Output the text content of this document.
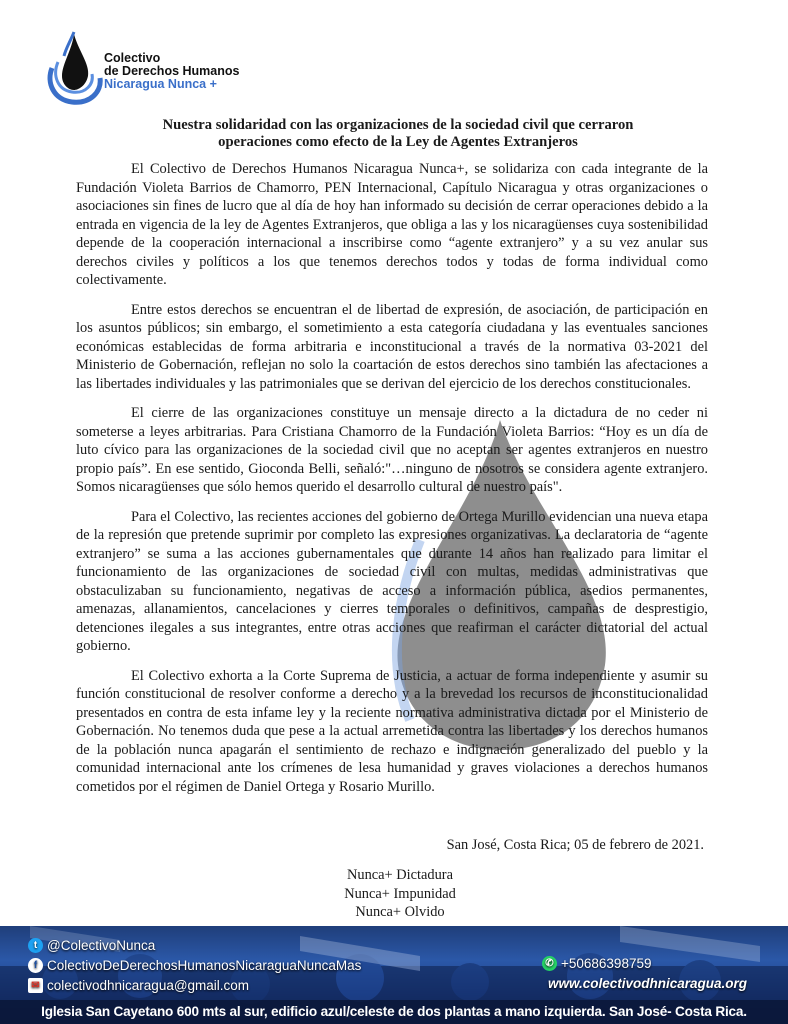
Colectivo
de Derechos Humanos
Nicaragua Nunca +
Nuestra solidaridad con las organizaciones de la sociedad civil que cerraron
operaciones como efecto de la Ley de Agentes Extranjeros

El Colectivo de Derechos Humanos Nicaragua Nunca+, se solidariza con cada integrante de la Fundación Violeta Barrios de Chamorro, PEN Internacional, Capítulo Nicaragua y otras organizaciones o asociaciones sin fines de lucro que al día de hoy han informado su decisión de cerrar operaciones debido a la entrada en vigencia de la ley de Agentes Extranjeros, que obliga a las y los nicaragüenses cuya sostenibilidad depende de la cooperación internacional a inscribirse como “agente extranjero” y a su vez anular sus derechos civiles y políticos a los que tenemos derechos todos y todas de forma individual como colectivamente.

Entre estos derechos se encuentran el de libertad de expresión, de asociación, de participación en los asuntos públicos; sin embargo, el sometimiento a esta categoría ciudadana y las eventuales sanciones económicas establecidas de forma arbitraria e inconstitucional a través de la normativa 03-2021 del Ministerio de Gobernación, reflejan no solo la coartación de estos derechos sino también las afectaciones a las libertades individuales y las patrimoniales que se derivan del ejercicio de los derechos constitucionales.

El cierre de las organizaciones constituye un mensaje directo a la dictadura de no ceder ni someterse a leyes arbitrarias. Para Cristiana Chamorro de la Fundación Violeta Barrios: “Hoy es un día de luto cívico para las organizaciones de la sociedad civil que no aceptan ser agentes extranjeros en nuestro propio país”. En ese sentido, Gioconda Belli, señaló:"…ninguno de nosotros se considera agente extranjero. Somos nicaragüenses que sólo hemos querido el desarrollo cultural de nuestro país".

Para el Colectivo, las recientes acciones del gobierno de Ortega Murillo evidencian una nueva etapa de la represión que pretende suprimir por completo las expresiones organizativas. La declaratoria de “agente extranjero” se suma a las acciones gubernamentales que durante 14 años han realizado para limitar el funcionamiento de las organizaciones de sociedad civil con multas, medidas administrativas que obstaculizaban su funcionamiento, negativas de acceso a información pública, asedios permanentes, amenazas, allanamientos, cancelaciones y cierres temporales o definitivos, campañas de desprestigio, detenciones ilegales a sus integrantes, entre otras acciones que reafirman el carácter dictatorial del actual gobierno.

El Colectivo exhorta a la Corte Suprema de Justicia, a actuar de forma independiente y asumir su función constitucional de resolver conforme a derecho y a la brevedad los recursos de inconstitucionalidad presentados en contra de esta infame ley y la reciente normativa administrativa dictada por el Ministerio de Gobernación. No tenemos duda que pese a la actual arremetida contra las libertades y los derechos humanos de la población nunca apagarán el sentimiento de rechazo e indignación generalizado del pueblo y la comunidad internacional ante los crímenes de lesa humanidad y graves violaciones a derechos humanos cometidos por el régimen de Daniel Ortega y Rosario Murillo.

San José, Costa Rica; 05 de febrero de 2021.
Nunca+ Dictadura
Nunca+ Impunidad
Nunca+ Olvido
t @ColectivoNunca
f ColectivoDeDerechosHumanosNicaraguaNuncaMas
✉ colectivodhnicaragua@gmail.com
✆ +50686398759
www.colectivodhnicaragua.org
Iglesia San Cayetano 600 mts al sur, edificio azul/celeste de dos plantas a mano izquierda. San José- Costa Rica.
